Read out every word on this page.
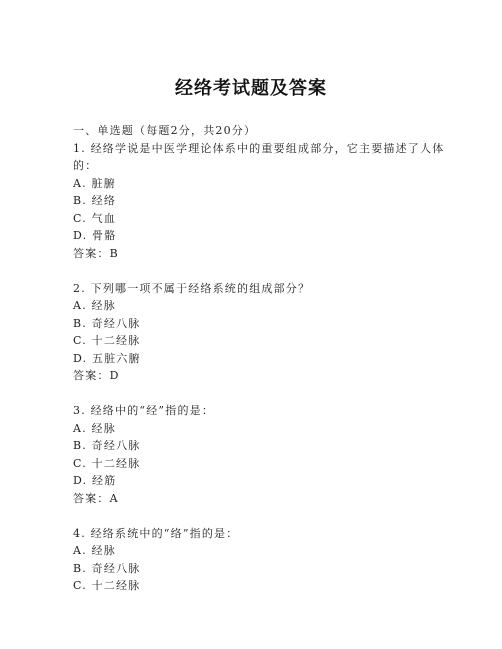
经络考试题及答案
一、单选题（每题2分，共20分）
1. 经络学说是中医学理论体系中的重要组成部分，它主要描述了人体
的：
A. 脏腑
B. 经络
C. 气血
D. 骨骼
答案：B
2. 下列哪一项不属于经络系统的组成部分？
A. 经脉
B. 奇经八脉
C. 十二经脉
D. 五脏六腑
答案：D
3. 经络中的“经”指的是：
A. 经脉
B. 奇经八脉
C. 十二经脉
D. 经筋
答案：A
4. 经络系统中的“络”指的是：
A. 经脉
B. 奇经八脉
C. 十二经脉
